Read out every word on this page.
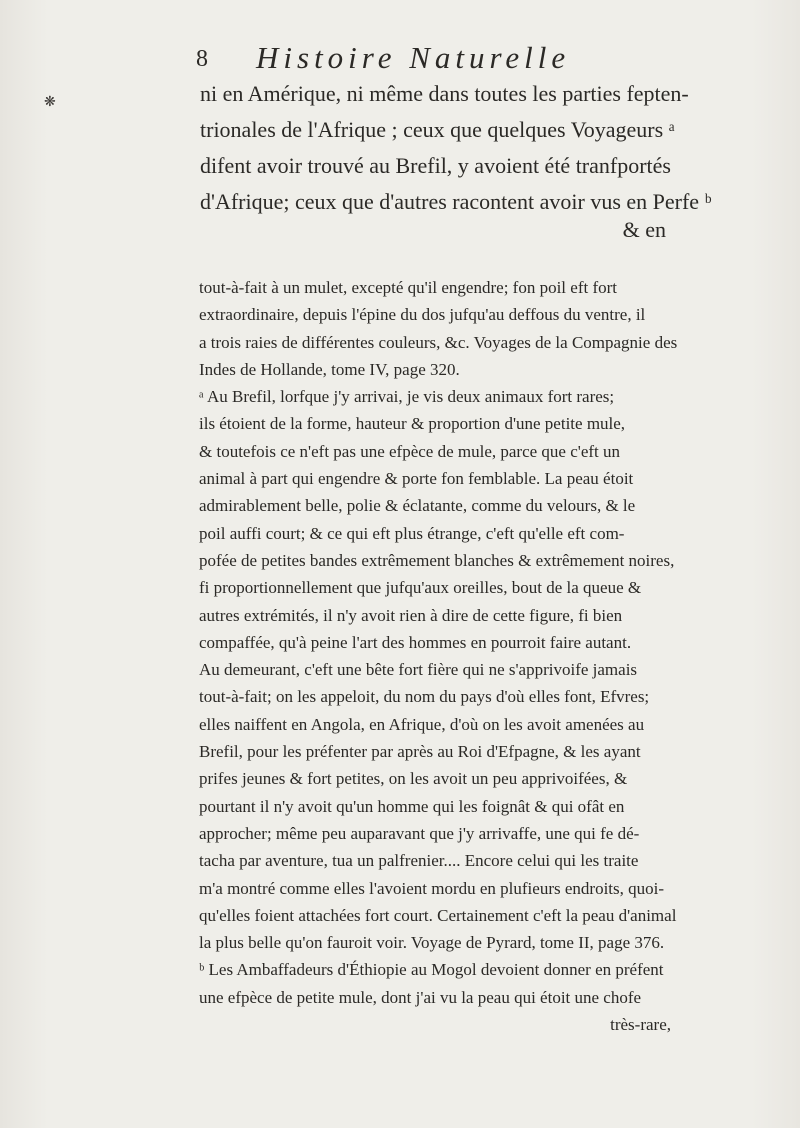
❋
8 Histoire Naturelle
ni en Amérique, ni même dans toutes les parties fepten-
trionales de l'Afrique ; ceux que quelques Voyageurs ᵃ
difent avoir trouvé au Brefil, y avoient été tranfportés
d'Afrique; ceux que d'autres racontent avoir vus en Perfe ᵇ
& en
tout-à-fait à un mulet, excepté qu'il engendre; fon poil eft fort
extraordinaire, depuis l'épine du dos jufqu'au deffous du ventre, il
a trois raies de différentes couleurs, &c. Voyages de la Compagnie des
Indes de Hollande, tome IV, page 320.
ᵃ Au Brefil, lorfque j'y arrivai, je vis deux animaux fort rares;
ils étoient de la forme, hauteur & proportion d'une petite mule,
& toutefois ce n'eft pas une efpèce de mule, parce que c'eft un
animal à part qui engendre & porte fon femblable. La peau étoit
admirablement belle, polie & éclatante, comme du velours, & le
poil auffi court; & ce qui eft plus étrange, c'eft qu'elle eft com-
pofée de petites bandes extrêmement blanches & extrêmement noires,
fi proportionnellement que jufqu'aux oreilles, bout de la queue &
autres extrémités, il n'y avoit rien à dire de cette figure, fi bien
compaffée, qu'à peine l'art des hommes en pourroit faire autant.
Au demeurant, c'eft une bête fort fière qui ne s'apprivoife jamais
tout-à-fait; on les appeloit, du nom du pays d'où elles font, Efvres;
elles naiffent en Angola, en Afrique, d'où on les avoit amenées au
Brefil, pour les préfenter par après au Roi d'Efpagne, & les ayant
prifes jeunes & fort petites, on les avoit un peu apprivoifées, &
pourtant il n'y avoit qu'un homme qui les foignât & qui ofât en
approcher; même peu auparavant que j'y arrivaffe, une qui fe dé-
tacha par aventure, tua un palfrenier.... Encore celui qui les traite
m'a montré comme elles l'avoient mordu en plufieurs endroits, quoi-
qu'elles foient attachées fort court. Certainement c'eft la peau d'animal
la plus belle qu'on fauroit voir. Voyage de Pyrard, tome II, page 376.
ᵇ Les Ambaffadeurs d'Éthiopie au Mogol devoient donner en préfent
une efpèce de petite mule, dont j'ai vu la peau qui étoit une chofe
très-rare,
